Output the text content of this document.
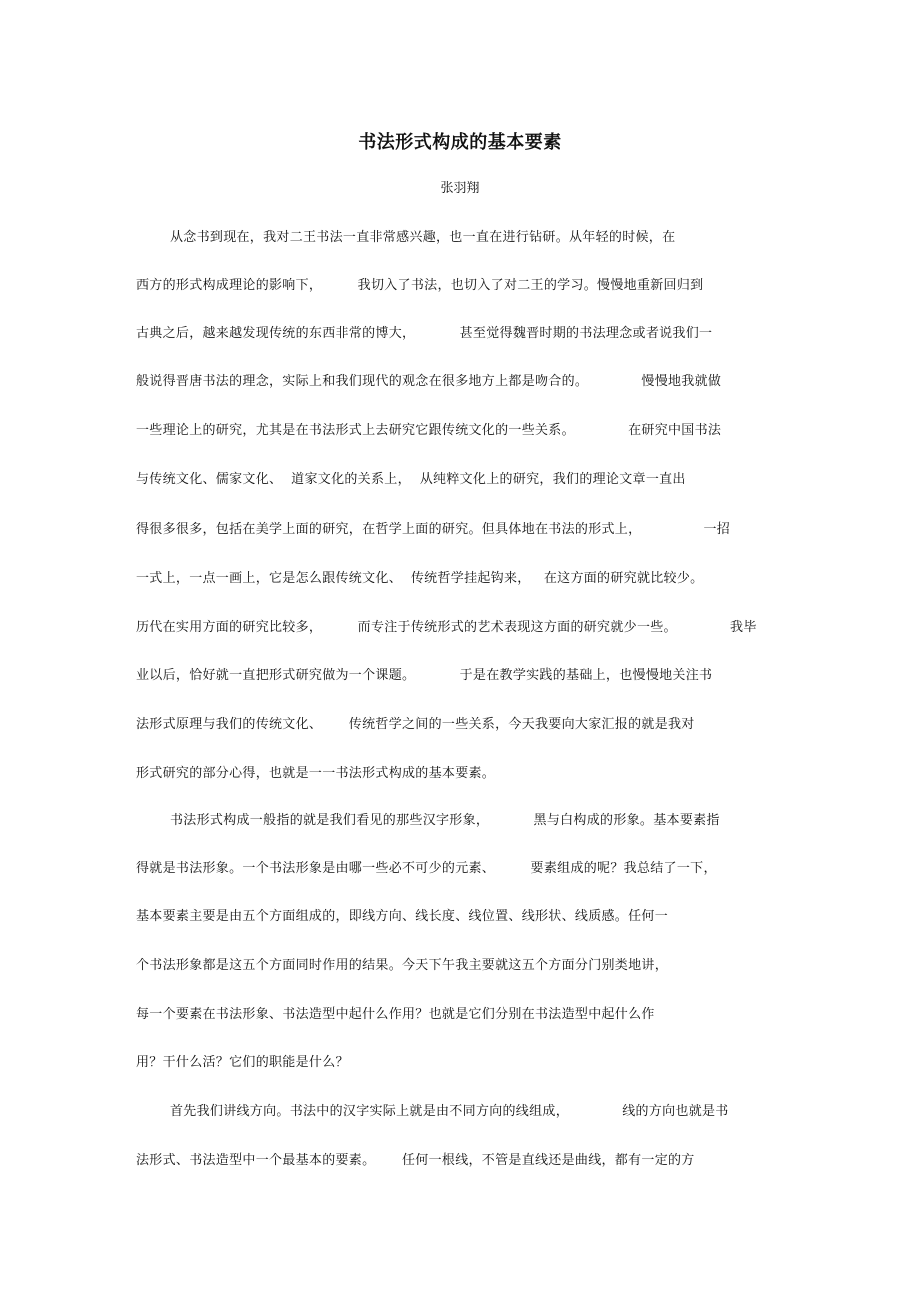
书法形式构成的基本要素
张羽翔
从念书到现在，我对二王书法一直非常感兴趣，也一直在进行钻研。从年轻的时候，在
西方的形式构成理论的影响下，        我切入了书法，也切入了对二王的学习。慢慢地重新回归到
古典之后，越来越发现传统的东西非常的博大，          甚至觉得魏晋时期的书法理念或者说我们一
般说得晋唐书法的理念，实际上和我们现代的观念在很多地方上都是吻合的。            慢慢地我就做
一些理论上的研究，尤其是在书法形式上去研究它跟传统文化的一些关系。            在研究中国书法
与传统文化、儒家文化、  道家文化的关系上，  从纯粹文化上的研究，我们的理论文章一直出
得很多很多，包括在美学上面的研究，在哲学上面的研究。但具体地在书法的形式上，              一招
一式上，一点一画上，它是怎么跟传统文化、  传统哲学挂起钩来，   在这方面的研究就比较少。
历代在实用方面的研究比较多，        而专注于传统形式的艺术表现这方面的研究就少一些。            我毕
业以后，恰好就一直把形式研究做为一个课题。          于是在教学实践的基础上，也慢慢地关注书
法形式原理与我们的传统文化、      传统哲学之间的一些关系，今天我要向大家汇报的就是我对
形式研究的部分心得，也就是一一书法形式构成的基本要素。
书法形式构成一般指的就是我们看见的那些汉字形象，          黑与白构成的形象。基本要素指
得就是书法形象。一个书法形象是由哪一些必不可少的元素、        要素组成的呢？我总结了一下，
基本要素主要是由五个方面组成的，即线方向、线长度、线位置、线形状、线质感。任何一
个书法形象都是这五个方面同时作用的结果。今天下午我主要就这五个方面分门别类地讲，
每一个要素在书法形象、书法造型中起什么作用？也就是它们分别在书法造型中起什么作
用？干什么活？它们的职能是什么？
首先我们讲线方向。书法中的汉字实际上就是由不同方向的线组成，            线的方向也就是书
法形式、书法造型中一个最基本的要素。      任何一根线，不管是直线还是曲线，都有一定的方
